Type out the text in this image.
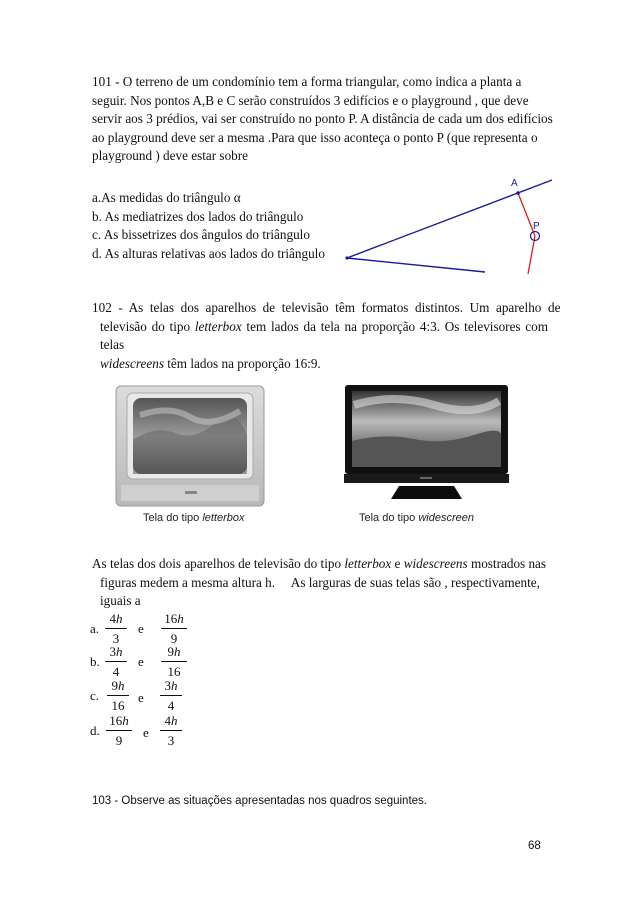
101 - O terreno de um condomínio tem a forma triangular, como indica a planta a
seguir. Nos pontos A,B e C serão construídos 3 edifícios e o playground , que deve
servir aos 3 prédios, vai ser construído no ponto P. A distância de cada um dos edifícios
ao playground deve ser a mesma .Para que isso aconteça o ponto P (que representa o
playground ) deve estar sobre
a.As medidas do triângulo α
b. As mediatrizes dos lados do triângulo
c. As bissetrizes dos ângulos do triângulo
d. As alturas relativas aos lados do triângulo
A
P
102  -  As  telas  dos  aparelhos  de  televisão  têm  formatos  distintos.  Um  aparelho  de
televisão do tipo letterbox tem lados da tela na proporção 4:3. Os televisores com telas
widescreens têm lados na proporção 16:9.
Tela do tipo letterbox	Tela do tipo widescreen
As telas dos dois aparelhos de televisão do tipo letterbox e widescreens mostrados nas
figuras medem a mesma altura h.     As larguras de suas telas são , respectivamente,
iguais a
a.
4h
3
e
16h
9
b.
3h
4
e
9h
16
c.
9h
16
e
3h
4
d.
16h
9
e
4h
3
103 - Observe as situações apresentadas nos quadros seguintes.
68
